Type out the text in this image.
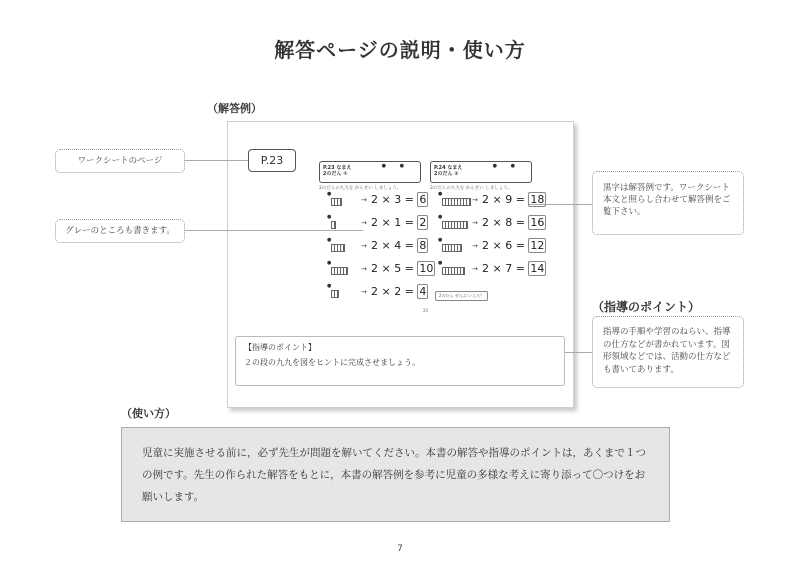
解答ページの説明・使い方
（解答例）
ワークシートのページ
グレーのところも書きます。
黒字は解答例です。ワークシート本文と照らし合わせて解答例をご覧下さい。
指導の手順や学習のねらい、指導の仕方などが書かれています。図形領域などでは、活動の仕方なども書いてあります。
（指導のポイント）
P.23
P.23 なまえ
2のだん ①
● ●
2のだんの九九を かんせい しましょう。
●
→ 2 × 3 = 6
●
→ 2 × 1 = 2
●
→ 2 × 4 = 8
●
→ 2 × 5 = 10
●
→ 2 × 2 = 4
23
P.24 なまえ
2のだん ②
● ●
2のだんの九九を かんせい しましょう。
●
→ 2 × 9 = 18
●
→ 2 × 8 = 16
●
→ 2 × 6 = 12
●
→ 2 × 7 = 14
2のだん ぜんぶ いえた？
【指導のポイント】
２の段の九九を図をヒントに完成させましょう。
（使い方）
児童に実施させる前に，必ず先生が問題を解いてください。本書の解答や指導のポイントは，あくまで１つの例です。先生の作られた解答をもとに，本書の解答例を参考に児童の多様な考えに寄り添って〇つけをお願いします。
7
